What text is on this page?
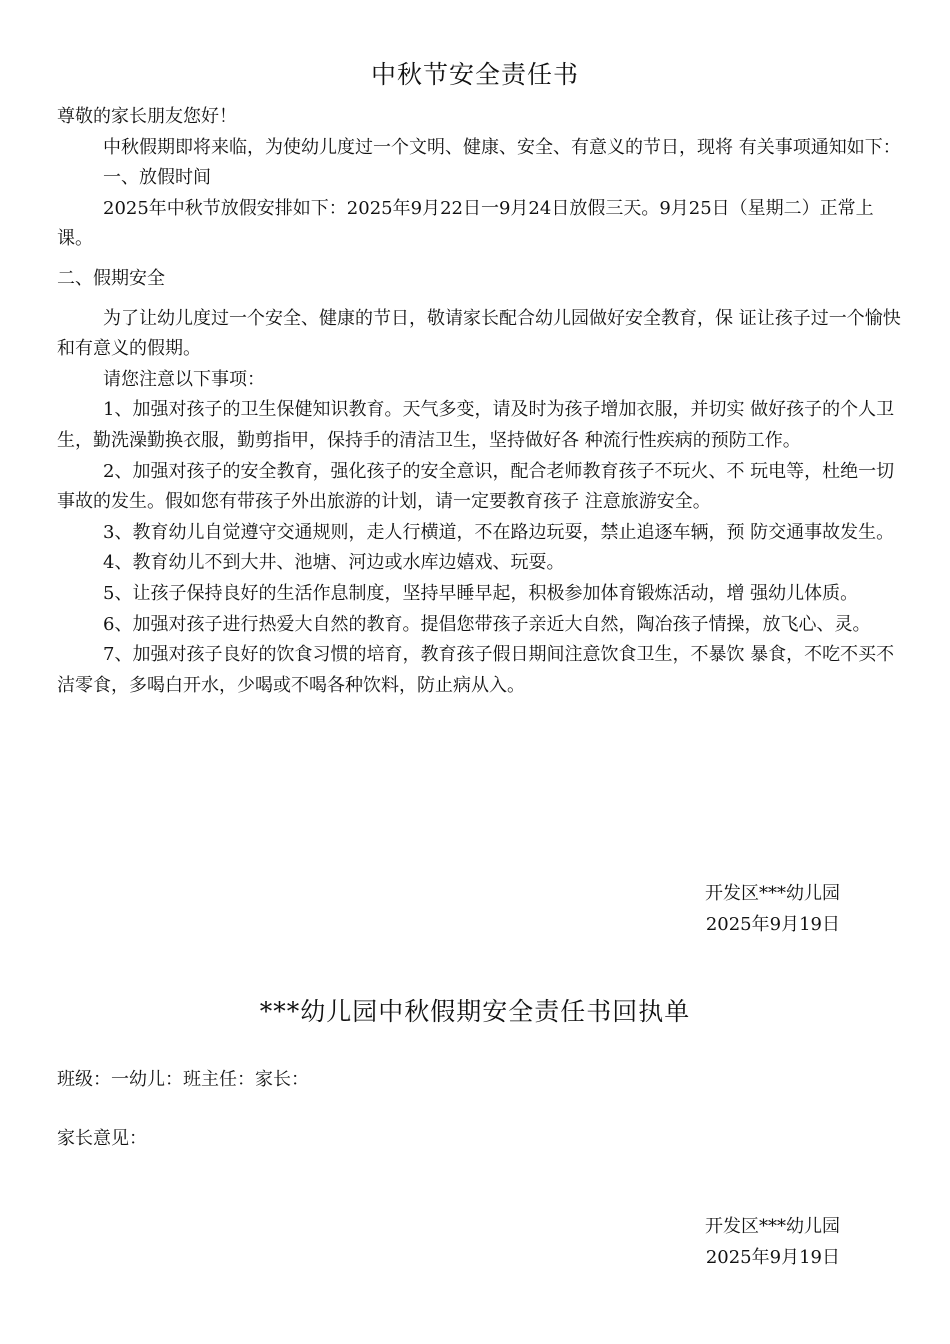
中秋节安全责任书

尊敬的家长朋友您好！

中秋假期即将来临，为使幼儿度过一个文明、健康、安全、有意义的节日，现将 有关事项通知如下：

一、放假时间

2025年中秋节放假安排如下：2025年9月22日一9月24日放假三天。9月25日（星期二）正常上课。

二、假期安全

为了让幼儿度过一个安全、健康的节日，敬请家长配合幼儿园做好安全教育，保 证让孩子过一个愉快和有意义的假期。

请您注意以下事项：

1、加强对孩子的卫生保健知识教育。天气多变，请及时为孩子增加衣服，并切实 做好孩子的个人卫生，勤洗澡勤换衣服，勤剪指甲，保持手的清洁卫生，坚持做好各 种流行性疾病的预防工作。

2、加强对孩子的安全教育，强化孩子的安全意识，配合老师教育孩子不玩火、不 玩电等，杜绝一切事故的发生。假如您有带孩子外出旅游的计划，请一定要教育孩子 注意旅游安全。

3、教育幼儿自觉遵守交通规则，走人行横道，不在路边玩耍，禁止追逐车辆，预 防交通事故发生。

4、教育幼儿不到大井、池塘、河边或水库边嬉戏、玩耍。

5、让孩子保持良好的生活作息制度，坚持早睡早起，积极参加体育锻炼活动，增 强幼儿体质。

6、加强对孩子进行热爱大自然的教育。提倡您带孩子亲近大自然，陶冶孩子情操，放飞心、灵。

7、加强对孩子良好的饮食习惯的培育，教育孩子假日期间注意饮食卫生，不暴饮 暴食，不吃不买不洁零食，多喝白开水，少喝或不喝各种饮料，防止病从入。

开发区***幼儿园
2025年9月19日
***幼儿园中秋假期安全责任书回执单
班级：一幼儿：班主任：家长：
家长意见：
开发区***幼儿园
2025年9月19日
